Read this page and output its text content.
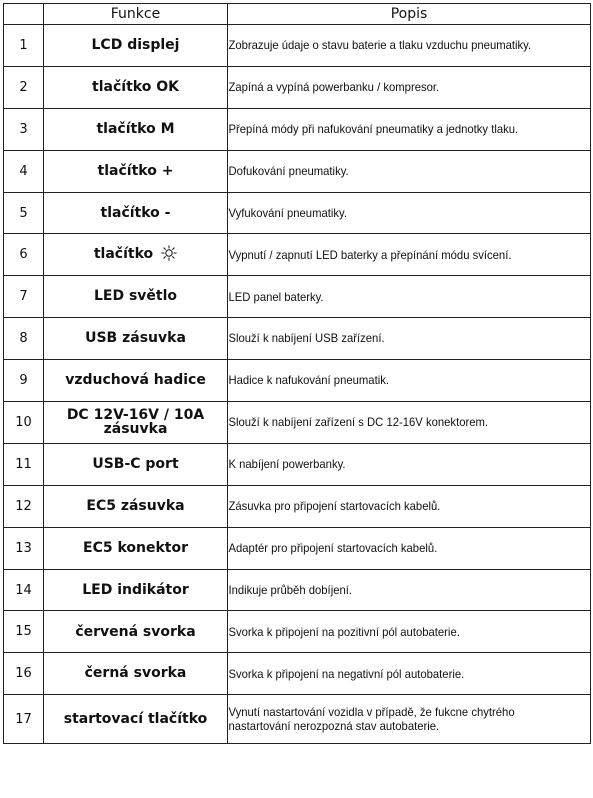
	Funkce	Popis
1	LCD displej	Zobrazuje údaje o stavu baterie a tlaku vzduchu pneumatiky.
2	tlačítko OK	Zapíná a vypíná powerbanku / kompresor.
3	tlačítko M	Přepíná módy při nafukování pneumatiky a jednotky tlaku.
4	tlačítko +	Dofukování pneumatiky.
5	tlačítko -	Vyfukování pneumatiky.
6	tlačítko	Vypnutí / zapnutí LED baterky a přepínání módu svícení.
7	LED světlo	LED panel baterky.
8	USB zásuvka	Slouží k nabíjení USB zařízení.
9	vzduchová hadice	Hadice k nafukování pneumatik.
10	DC 12V-16V / 10A zásuvka	Slouží k nabíjení zařízení s DC 12-16V konektorem.
11	USB-C port	K nabíjení powerbanky.
12	EC5 zásuvka	Zásuvka pro připojení startovacích kabelů.
13	EC5 konektor	Adaptér pro připojení startovacích kabelů.
14	LED indikátor	Indikuje průběh dobíjení.
15	červená svorka	Svorka k připojení na pozitivní pól autobaterie.
16	černá svorka	Svorka k připojení na negativní pól autobaterie.
17	startovací tlačítko	Vynutí nastartování vozidla v případě, že fukcne chytrého nastartování nerozpozná stav autobaterie.
